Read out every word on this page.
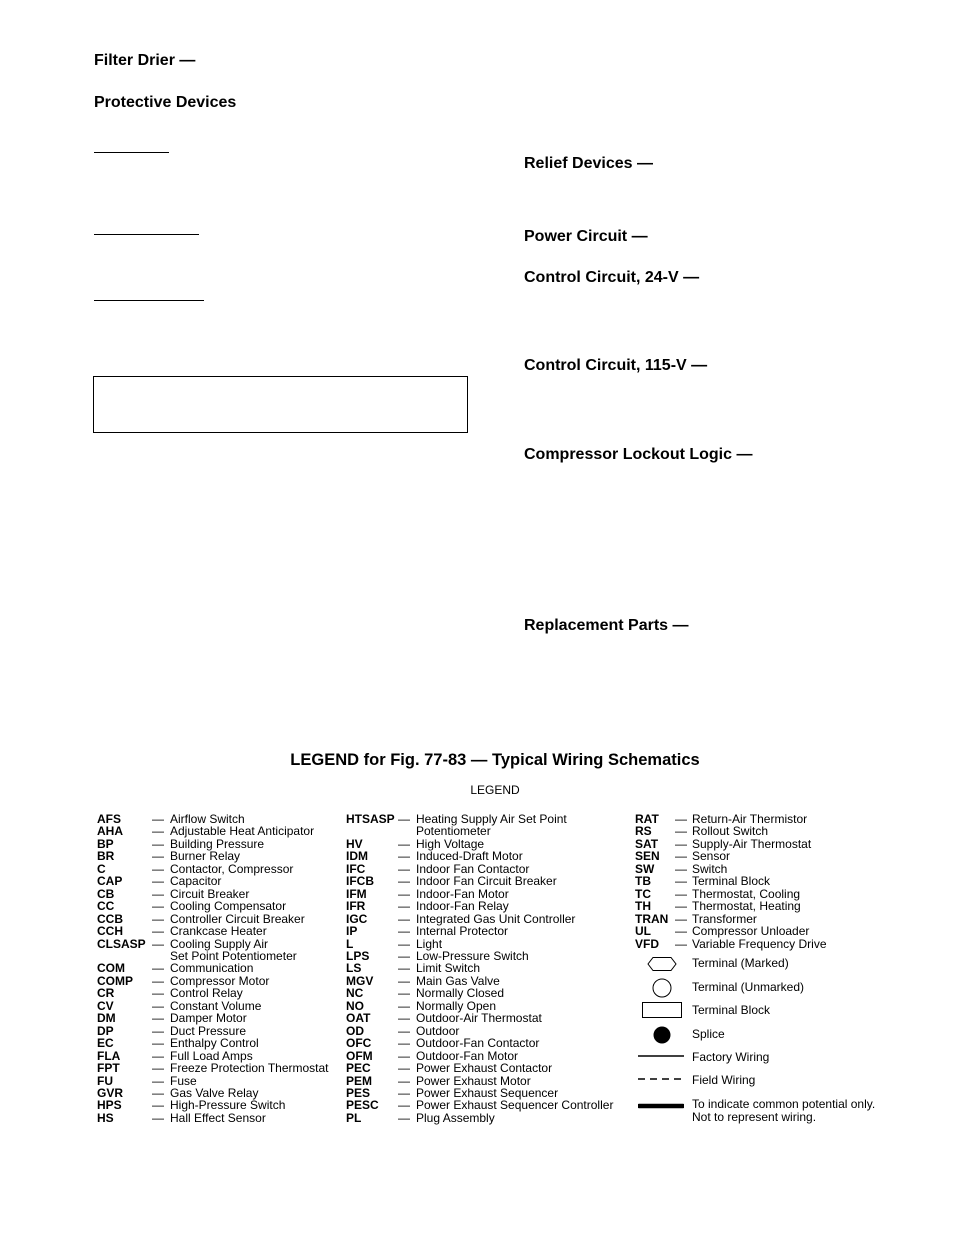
Filter Drier —
Protective Devices
Relief Devices —
Power Circuit —
Control Circuit, 24-V —
Control Circuit, 115-V —
Compressor Lockout Logic —
Replacement Parts —
LEGEND for Fig. 77-83 — Typical Wiring Schematics
LEGEND
AFS	— Airflow Switch
AHA	— Adjustable Heat Anticipator
BP	— Building Pressure
BR	— Burner Relay
C	— Contactor, Compressor
CAP	— Capacitor
CB	— Circuit Breaker
CC	— Cooling Compensator
CCB	— Controller Circuit Breaker
CCH	— Crankcase Heater
CLSASP — Cooling Supply Air
Set Point Potentiometer
COM	— Communication
COMP	— Compressor Motor
CR	— Control Relay
CV	— Constant Volume
DM	— Damper Motor
DP	— Duct Pressure
EC	— Enthalpy Control
FLA	— Full Load Amps
FPT	— Freeze Protection Thermostat
FU	— Fuse
GVR	— Gas Valve Relay
HPS	— High-Pressure Switch
HS	— Hall Effect Sensor
HTSASP — Heating Supply Air Set Point
Potentiometer
HV	— High Voltage
IDM	— Induced-Draft Motor
IFC	— Indoor Fan Contactor
IFCB	— Indoor Fan Circuit Breaker
IFM	— Indoor-Fan Motor
IFR	— Indoor-Fan Relay
IGC	— Integrated Gas Unit Controller
IP	— Internal Protector
L	— Light
LPS	— Low-Pressure Switch
LS	— Limit Switch
MGV	— Main Gas Valve
NC	— Normally Closed
NO	— Normally Open
OAT	— Outdoor-Air Thermostat
OD	— Outdoor
OFC	— Outdoor-Fan Contactor
OFM	— Outdoor-Fan Motor
PEC	— Power Exhaust Contactor
PEM	— Power Exhaust Motor
PES	— Power Exhaust Sequencer
PESC	— Power Exhaust Sequencer Controller
PL	— Plug Assembly
RAT	— Return-Air Thermistor
RS	— Rollout Switch
SAT	— Supply-Air Thermostat
SEN	— Sensor
SW	— Switch
TB	— Terminal Block
TC	— Thermostat, Cooling
TH	— Thermostat, Heating
TRAN — Transformer
UL	— Compressor Unloader
VFD	— Variable Frequency Drive
Terminal (Marked)
Terminal (Unmarked)
Terminal Block
Splice
Factory Wiring
Field Wiring
To indicate common potential only.
Not to represent wiring.
